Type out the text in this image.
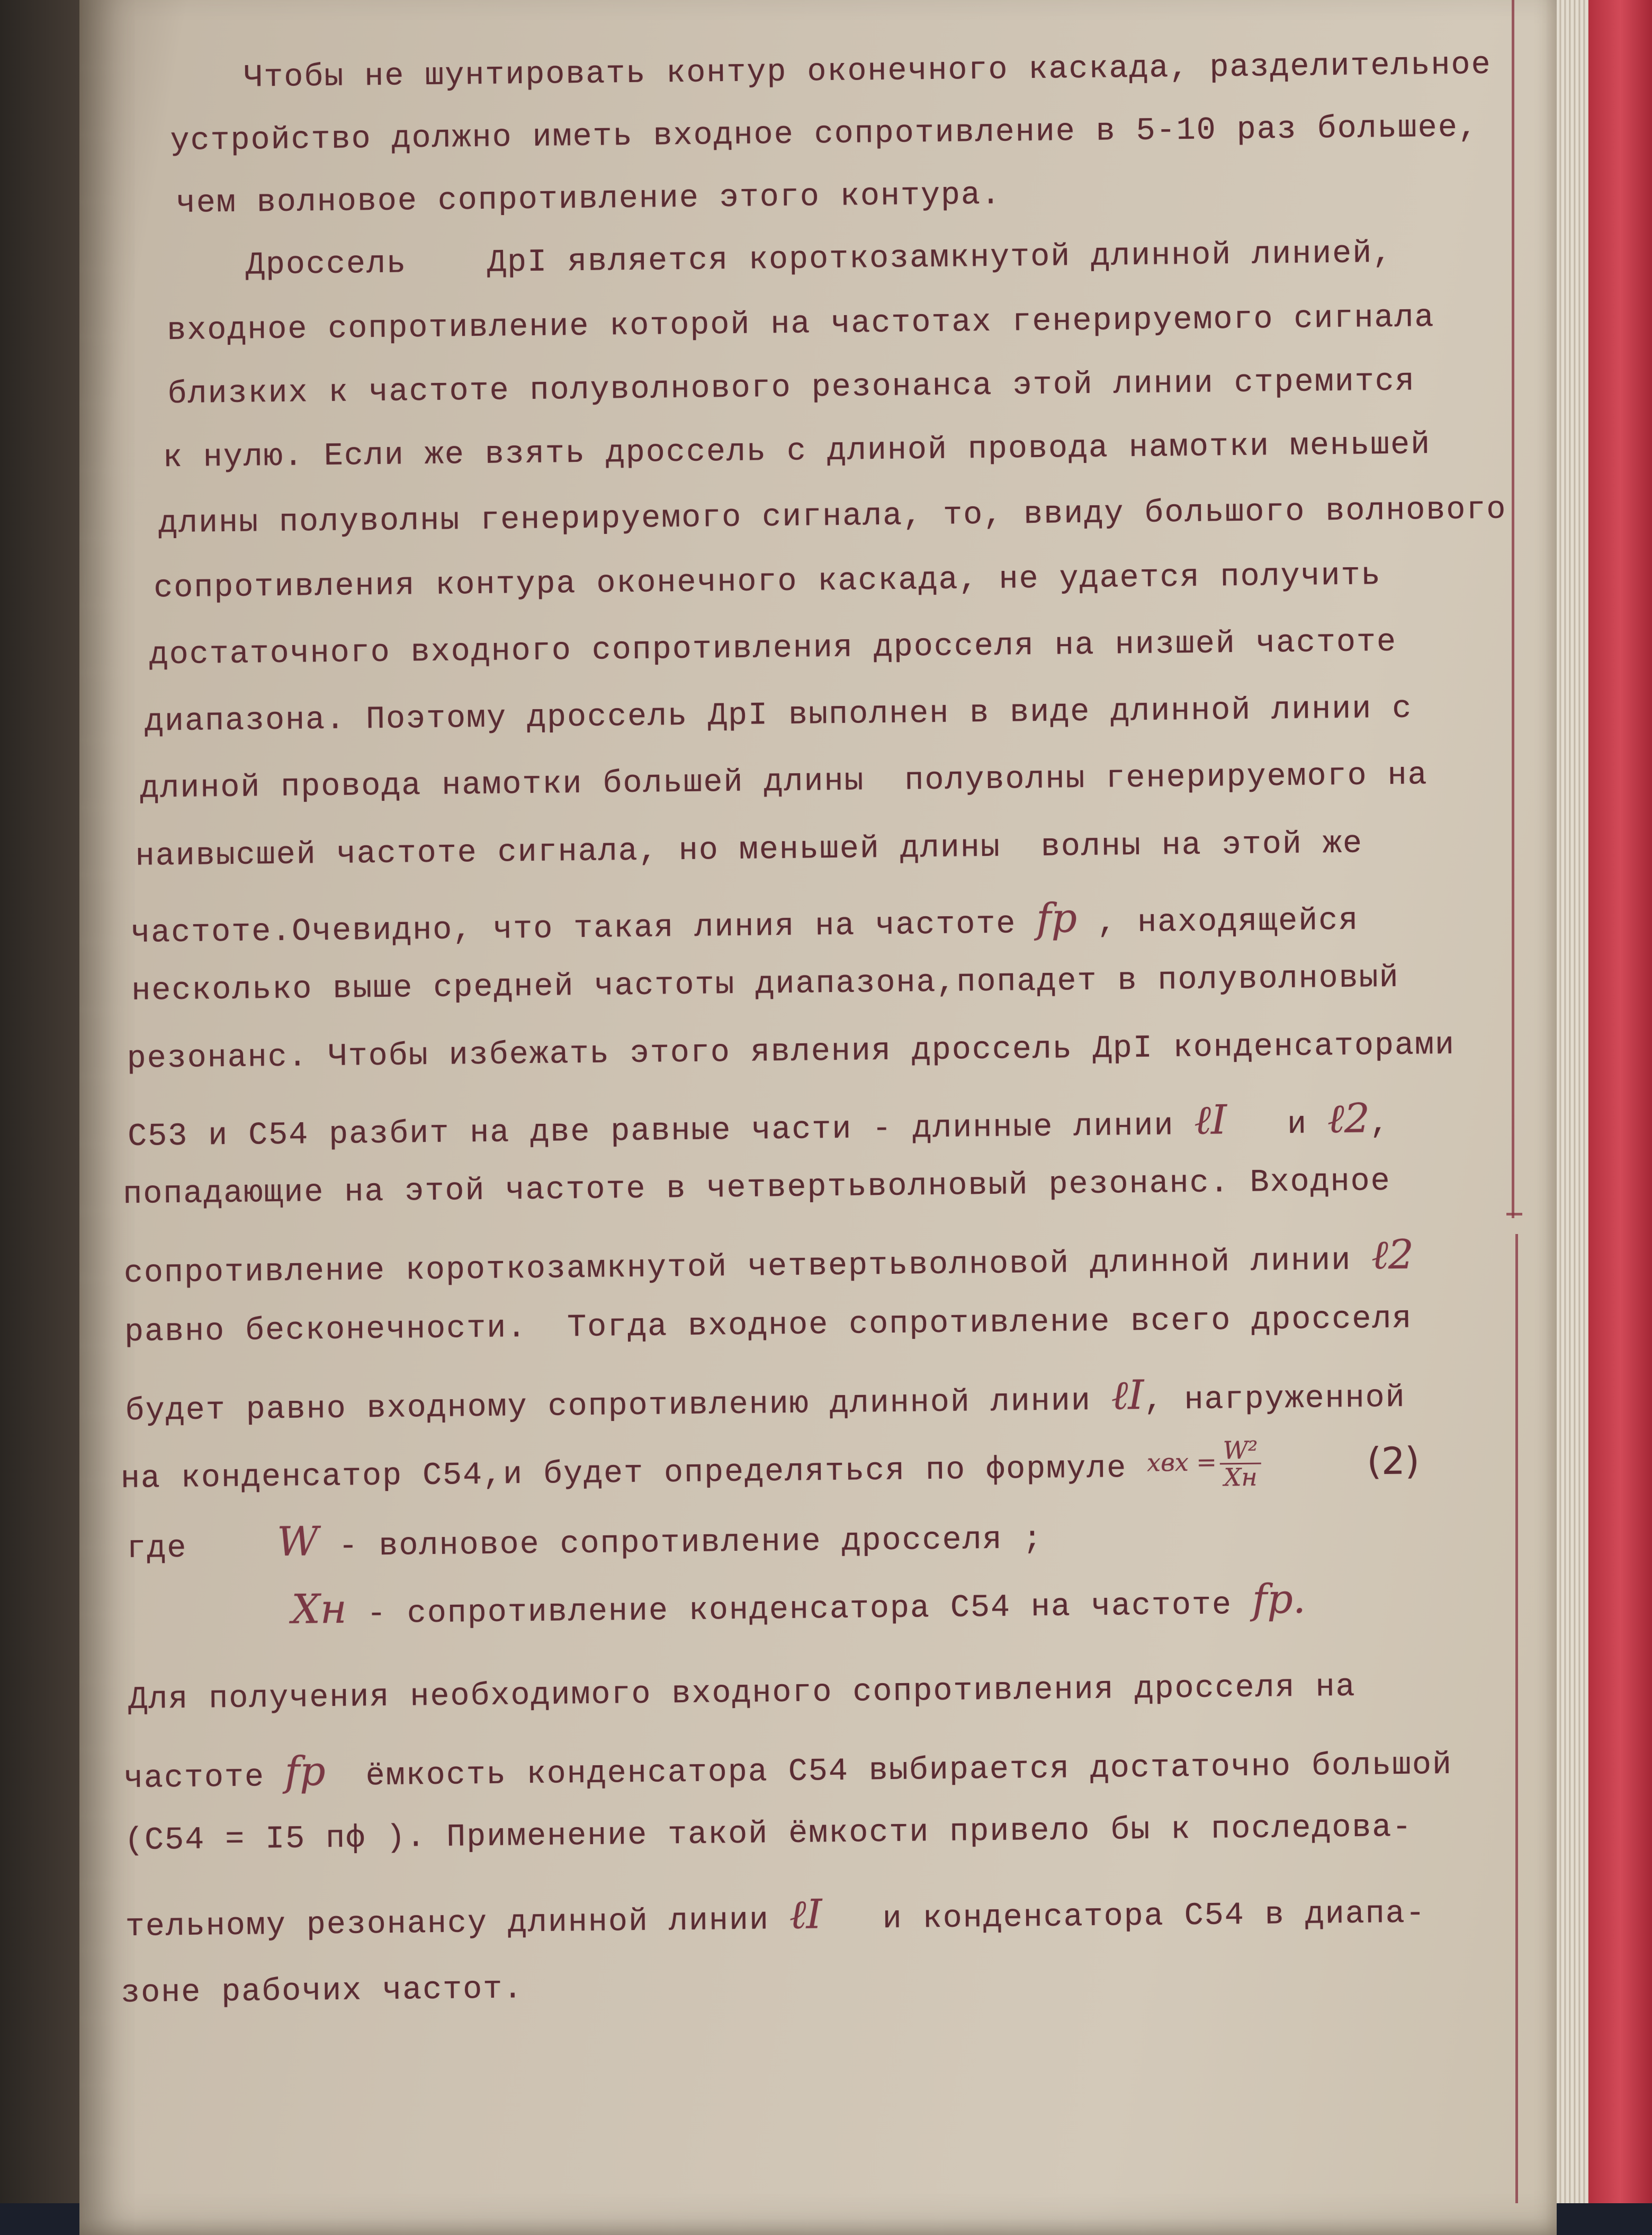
Чтобы не шунтировать контур оконечного каскада, разделительное
устройство должно иметь входное сопротивление в 5-10 раз большее,
чем волновое сопротивление этого контура.
Дроссель    ДрI является короткозамкнутой длинной линией,
входное сопротивление которой на частотах генерируемого сигнала
близких к частоте полуволнового резонанса этой линии стремится
к нулю. Если же взять дроссель с длиной провода намотки меньшей
длины полуволны генерируемого сигнала, то, ввиду большого волнового
сопротивления контура оконечного каскада, не удается получить
достаточного входного сопротивления дросселя на низшей частоте
диапазона. Поэтому дроссель ДрI выполнен в виде длинной линии с
длиной провода намотки большей длины  полуволны генерируемого на
наивысшей частоте сигнала, но меньшей длины  волны на этой же
частоте.Очевидно, что такая линия на частоте fр , находящейся
несколько выше средней частоты диапазона,попадет в полуволновый
резонанс. Чтобы избежать этого явления дроссель ДрI конденсаторами
С53 и С54 разбит на две равные части - длинные линии ℓI   и ℓ2,
попадающие на этой частоте в четвертьволновый резонанс. Входное
сопротивление короткозамкнутой четвертьволновой длинной линии ℓ2
равно бесконечности.  Тогда входное сопротивление всего дросселя
будет равно входному сопротивлению длинной линии ℓI, нагруженной
на конденсатор С54,и будет определяться по формуле xвх = $\frac{\text{W²}}{Xн}$	(2)
где W - волновое сопротивление дросселя ;
Xн - сопротивление конденсатора С54 на частоте fр.
Для получения необходимого входного сопротивления дросселя на
частоте fр  ёмкость конденсатора С54 выбирается достаточно большой
(С54 = I5 пф ). Применение такой ёмкости привело бы к последова-
тельному резонансу длинной линии ℓI   и конденсатора С54 в диапа-
зоне рабочих частот.
